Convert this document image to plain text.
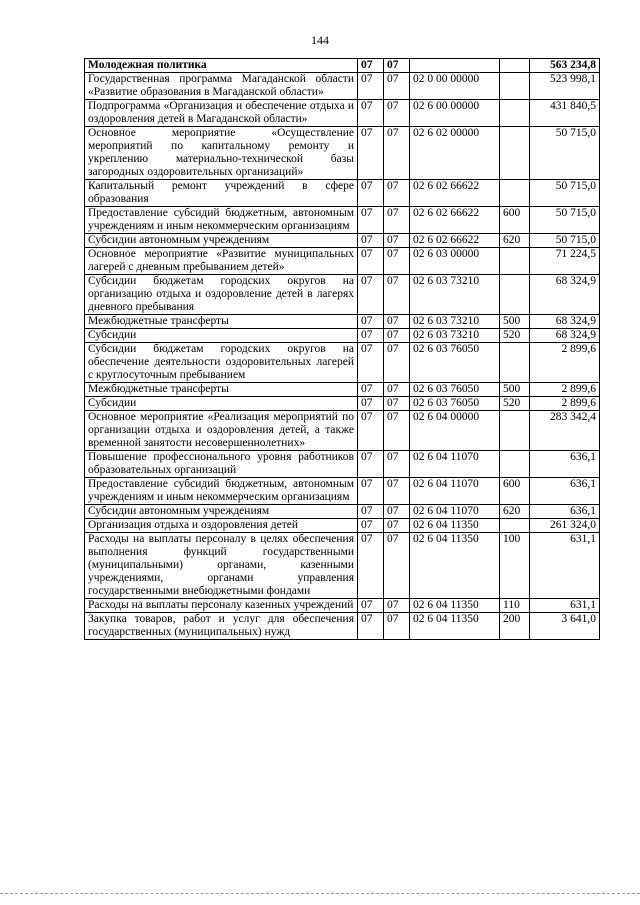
144
Молодежная политика	07	07			563 234,8
Государственная программа Магаданской области «Развитие образования в Магаданской области»	07	07	02 0 00 00000		523 998,1
Подпрограмма «Организация и обеспечение отдыха и оздоровления детей в Магаданской области»	07	07	02 6 00 00000		431 840,5
Основное мероприятие «Осуществление мероприятий по капитальному ремонту и укреплению материально-технической базы загородных оздоровительных организаций»	07	07	02 6 02 00000		50 715,0
Капитальный ремонт учреждений в сфере образования	07	07	02 6 02 66622		50 715,0
Предоставление субсидий бюджетным, автономным учреждениям и иным некоммерческим организациям	07	07	02 6 02 66622	600	50 715,0
Субсидии автономным учреждениям	07	07	02 6 02 66622	620	50 715,0
Основное мероприятие «Развитие муниципальных лагерей с дневным пребыванием детей»	07	07	02 6 03 00000		71 224,5
Субсидии бюджетам городских округов на организацию отдыха и оздоровление детей в лагерях дневного пребывания	07	07	02 6 03 73210		68 324,9
Межбюджетные трансферты	07	07	02 6 03 73210	500	68 324,9
Субсидии	07	07	02 6 03 73210	520	68 324,9
Субсидии бюджетам городских округов на обеспечение деятельности оздоровительных лагерей с круглосуточным пребыванием	07	07	02 6 03 76050		2 899,6
Межбюджетные трансферты	07	07	02 6 03 76050	500	2 899,6
Субсидии	07	07	02 6 03 76050	520	2 899,6
Основное мероприятие «Реализация мероприятий по организации отдыха и оздоровления детей, а также временной занятости несовершеннолетних»	07	07	02 6 04 00000		283 342,4
Повышение профессионального уровня работников образовательных организаций	07	07	02 6 04 11070		636,1
Предоставление субсидий бюджетным, автономным учреждениям и иным некоммерческим организациям	07	07	02 6 04 11070	600	636,1
Субсидии автономным учреждениям	07	07	02 6 04 11070	620	636,1
Организация отдыха и оздоровления детей	07	07	02 6 04 11350		261 324,0
Расходы на выплаты персоналу в целях обеспечения выполнения функций государственными (муниципальными) органами, казенными учреждениями, органами управления государственными внебюджетными фондами	07	07	02 6 04 11350	100	631,1
Расходы на выплаты персоналу казенных учреждений	07	07	02 6 04 11350	110	631,1
Закупка товаров, работ и услуг для обеспечения государственных (муниципальных) нужд	07	07	02 6 04 11350	200	3 641,0
